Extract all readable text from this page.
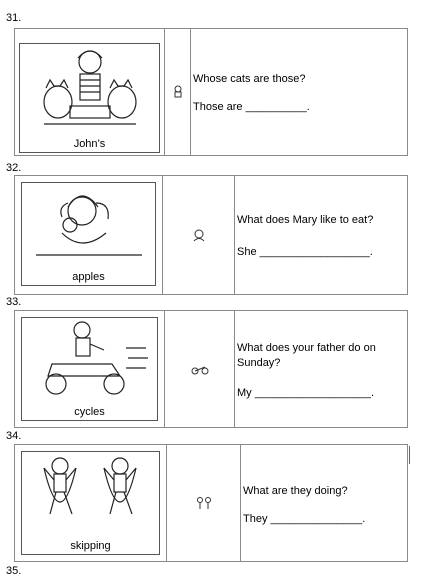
31.
John’s
Whose cats are those?
Those are __________.
32.
apples
What does Mary like to eat?
She __________________.
33.
cycles
What does your father do on Sunday?
My ___________________.
34.
skipping
What are they doing?
They _______________.
35.
